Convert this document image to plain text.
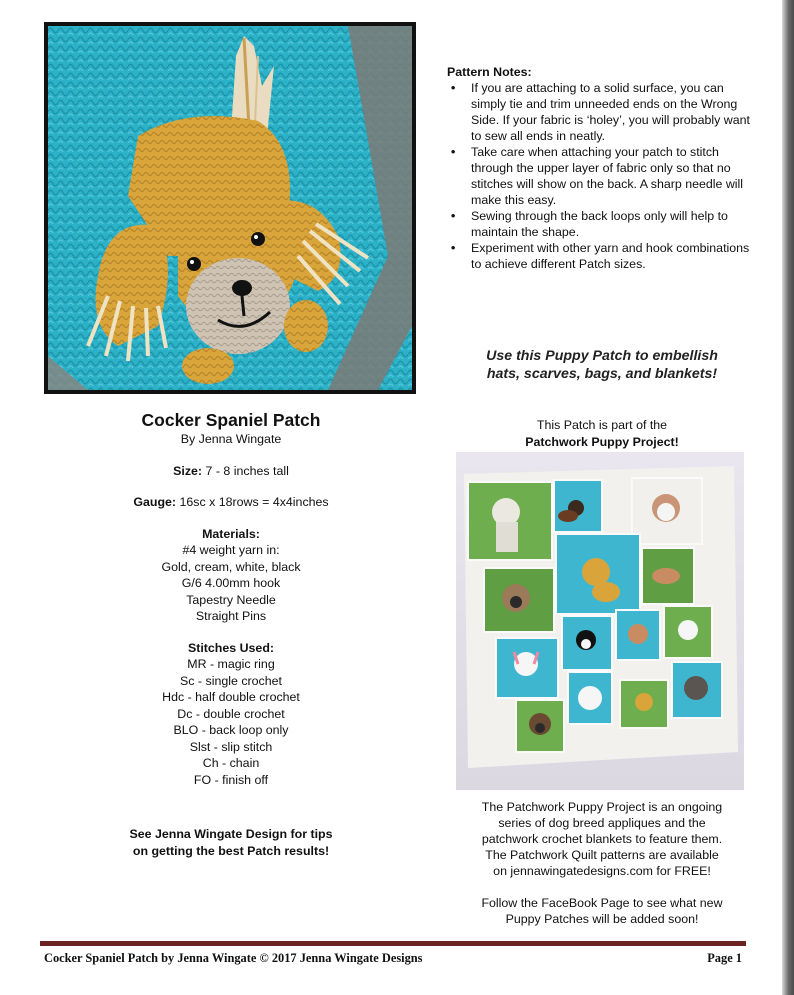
Pattern Notes:
• If you are attaching to a solid surface, you can simply tie and trim unneeded ends on the Wrong Side. If your fabric is ‘holey’, you will probably want to sew all ends in neatly.
• Take care when attaching your patch to stitch through the upper layer of fabric only so that no stitches will show on the back. A sharp needle will make this easy.
• Sewing through the back loops only will help to maintain the shape.
• Experiment with other yarn and hook combinations to achieve different Patch sizes.
Use this Puppy Patch to embellish
hats, scarves, bags, and blankets!
Cocker Spaniel Patch
By Jenna Wingate
Size: 7 - 8 inches tall
Gauge: 16sc x 18rows = 4x4inches
Materials:
#4 weight yarn in:
Gold, cream, white, black
G/6 4.00mm hook
Tapestry Needle
Straight Pins
Stitches Used:
MR - magic ring
Sc - single crochet
Hdc - half double crochet
Dc - double crochet
BLO - back loop only
Slst - slip stitch
Ch - chain
FO - finish off
See Jenna Wingate Design for tips
on getting the best Patch results!
This Patch is part of the
Patchwork Puppy Project!
The Patchwork Puppy Project is an ongoing
series of dog breed appliques and the
patchwork crochet blankets to feature them.
The Patchwork Quilt patterns are available
on jennawingatedesigns.com for FREE!
Follow the FaceBook Page to see what new
Puppy Patches will be added soon!
Cocker Spaniel Patch by Jenna Wingate © 2017 Jenna Wingate Designs	Page 1
